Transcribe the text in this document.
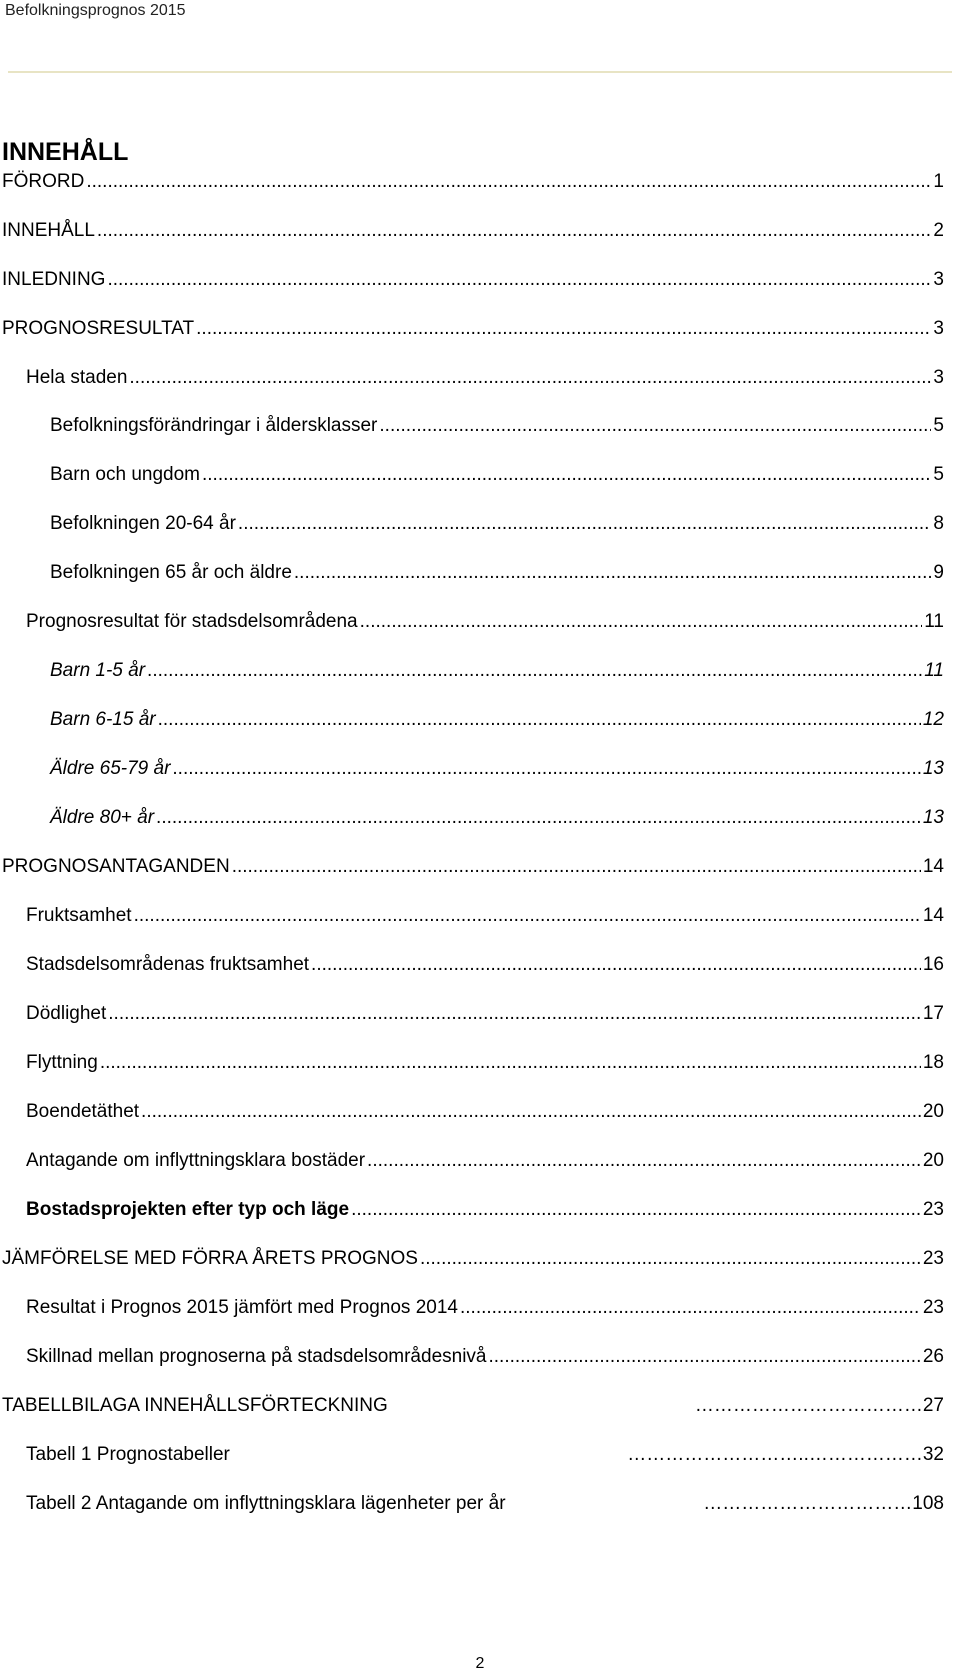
Befolkningsprognos 2015
INNEHÅLL
FÖRORD .....	1
INNEHÅLL .....	2
INLEDNING .....	3
PROGNOSRESULTAT .....	3
Hela staden .....	3
Befolkningsförändringar i åldersklasser .....	5
Barn och ungdom .....	5
Befolkningen 20-64 år .....	8
Befolkningen 65 år och äldre .....	9
Prognosresultat för stadsdelsområdena .....	11
Barn 1-5 år .....	11
Barn 6-15 år .....	12
Äldre 65-79 år .....	13
Äldre 80+ år .....	13
PROGNOSANTAGANDEN .....	14
Fruktsamhet .....	14
Stadsdelsområdenas fruktsamhet .....	16
Dödlighet .....	17
Flyttning .....	18
Boendetäthet .....	20
Antagande om inflyttningsklara bostäder .....	20
Bostadsprojekten efter typ och läge .....	23
JÄMFÖRELSE MED FÖRRA ÅRETS PROGNOS .....	23
Resultat i Prognos 2015 jämfört med Prognos 2014 .....	23
Skillnad mellan prognoserna på stadsdelsområdesnivå .....	26
TABELLBILAGA INNEHÅLLSFÖRTECKNING	……………………………… 27
Tabell 1 Prognostabeller	………………………..……………… 32
Tabell 2 Antagande om inflyttningsklara lägenheter per år	…………………………… 108
2
